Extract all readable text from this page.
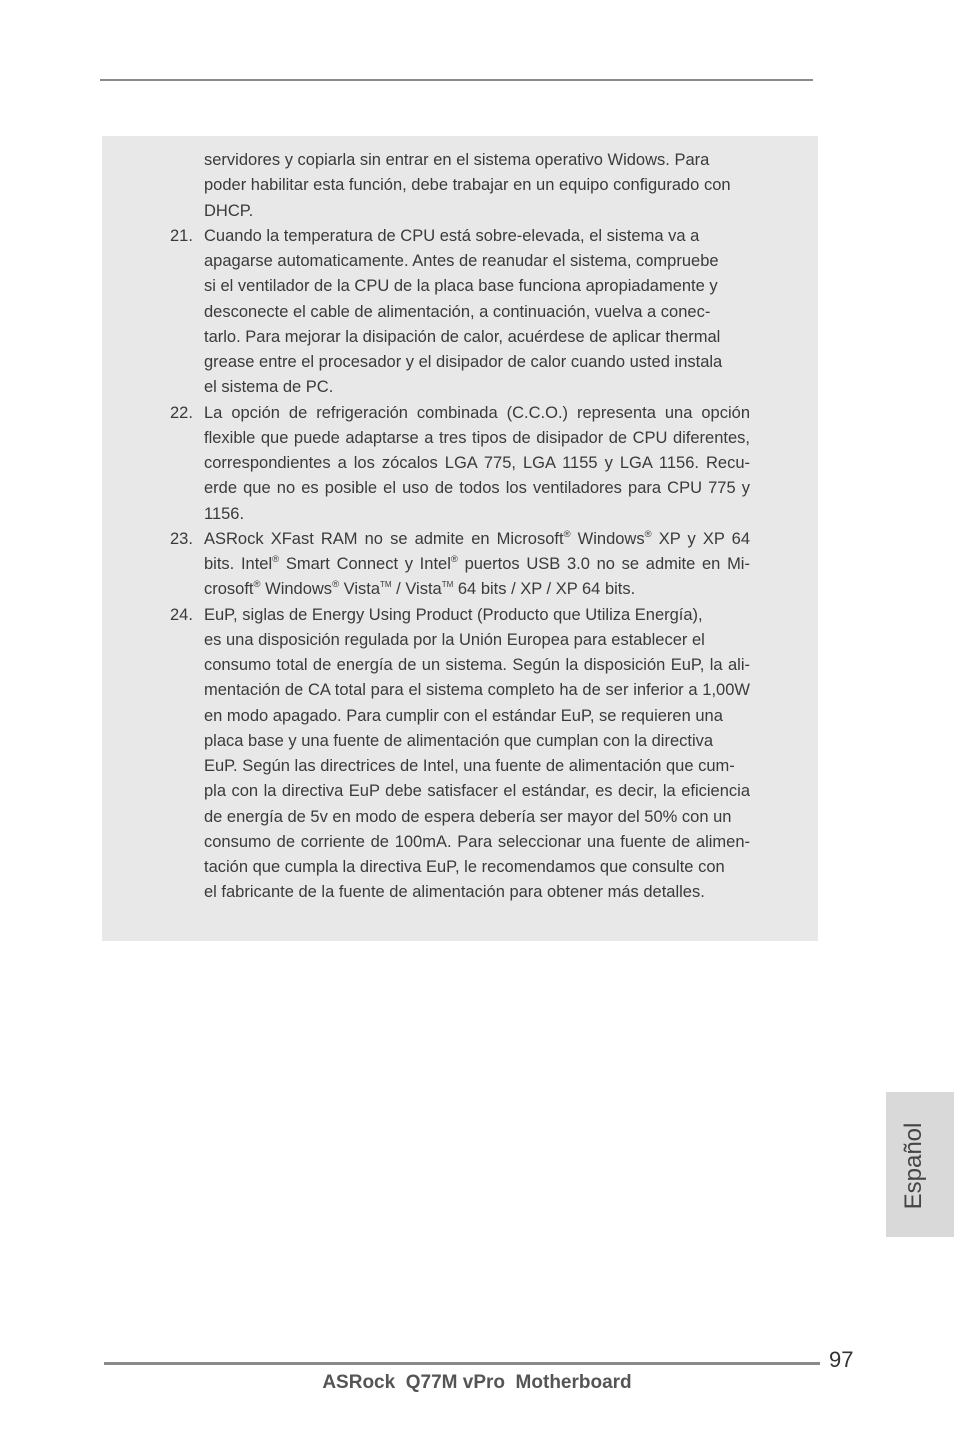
servidores y copiarla sin entrar en el sistema operativo Widows. Para
poder habilitar esta función, debe trabajar en un equipo configurado con
DHCP.
21. Cuando la temperatura de CPU está sobre-elevada, el sistema va a
apagarse automaticamente. Antes de reanudar el sistema, compruebe
si el ventilador de la CPU de la placa base funciona apropiadamente y
desconecte el cable de alimentación, a continuación, vuelva a conec-
tarlo. Para mejorar la disipación de calor, acuérdese de aplicar thermal
grease entre el procesador y el disipador de calor cuando usted instala
el sistema de PC.
22. La opción de refrigeración combinada (C.C.O.) representa una opción
flexible que puede adaptarse a tres tipos de disipador de CPU diferentes,
correspondientes a los zócalos LGA 775, LGA 1155 y LGA 1156. Recu-
erde que no es posible el uso de todos los ventiladores para CPU 775 y
1156.
23. ASRock XFast RAM no se admite en Microsoft® Windows® XP y XP 64
bits. Intel® Smart Connect y Intel® puertos USB 3.0 no se admite en Mi-
crosoft® Windows® Vista™ / Vista™ 64 bits / XP / XP 64 bits.
24. EuP, siglas de Energy Using Product (Producto que Utiliza Energía),
es una disposición regulada por la Unión Europea para establecer el
consumo total de energía de un sistema. Según la disposición EuP, la ali-
mentación de CA total para el sistema completo ha de ser inferior a 1,00W
en modo apagado. Para cumplir con el estándar EuP, se requieren una
placa base y una fuente de alimentación que cumplan con la directiva
EuP. Según las directrices de Intel, una fuente de alimentación que cum-
pla con la directiva EuP debe satisfacer el estándar, es decir, la eficiencia
de energía de 5v en modo de espera debería ser mayor del 50% con un
consumo de corriente de 100mA. Para seleccionar una fuente de alimen-
tación que cumpla la directiva EuP, le recomendamos que consulte con
el fabricante de la fuente de alimentación para obtener más detalles.
Español
97
ASRock  Q77M vPro  Motherboard
